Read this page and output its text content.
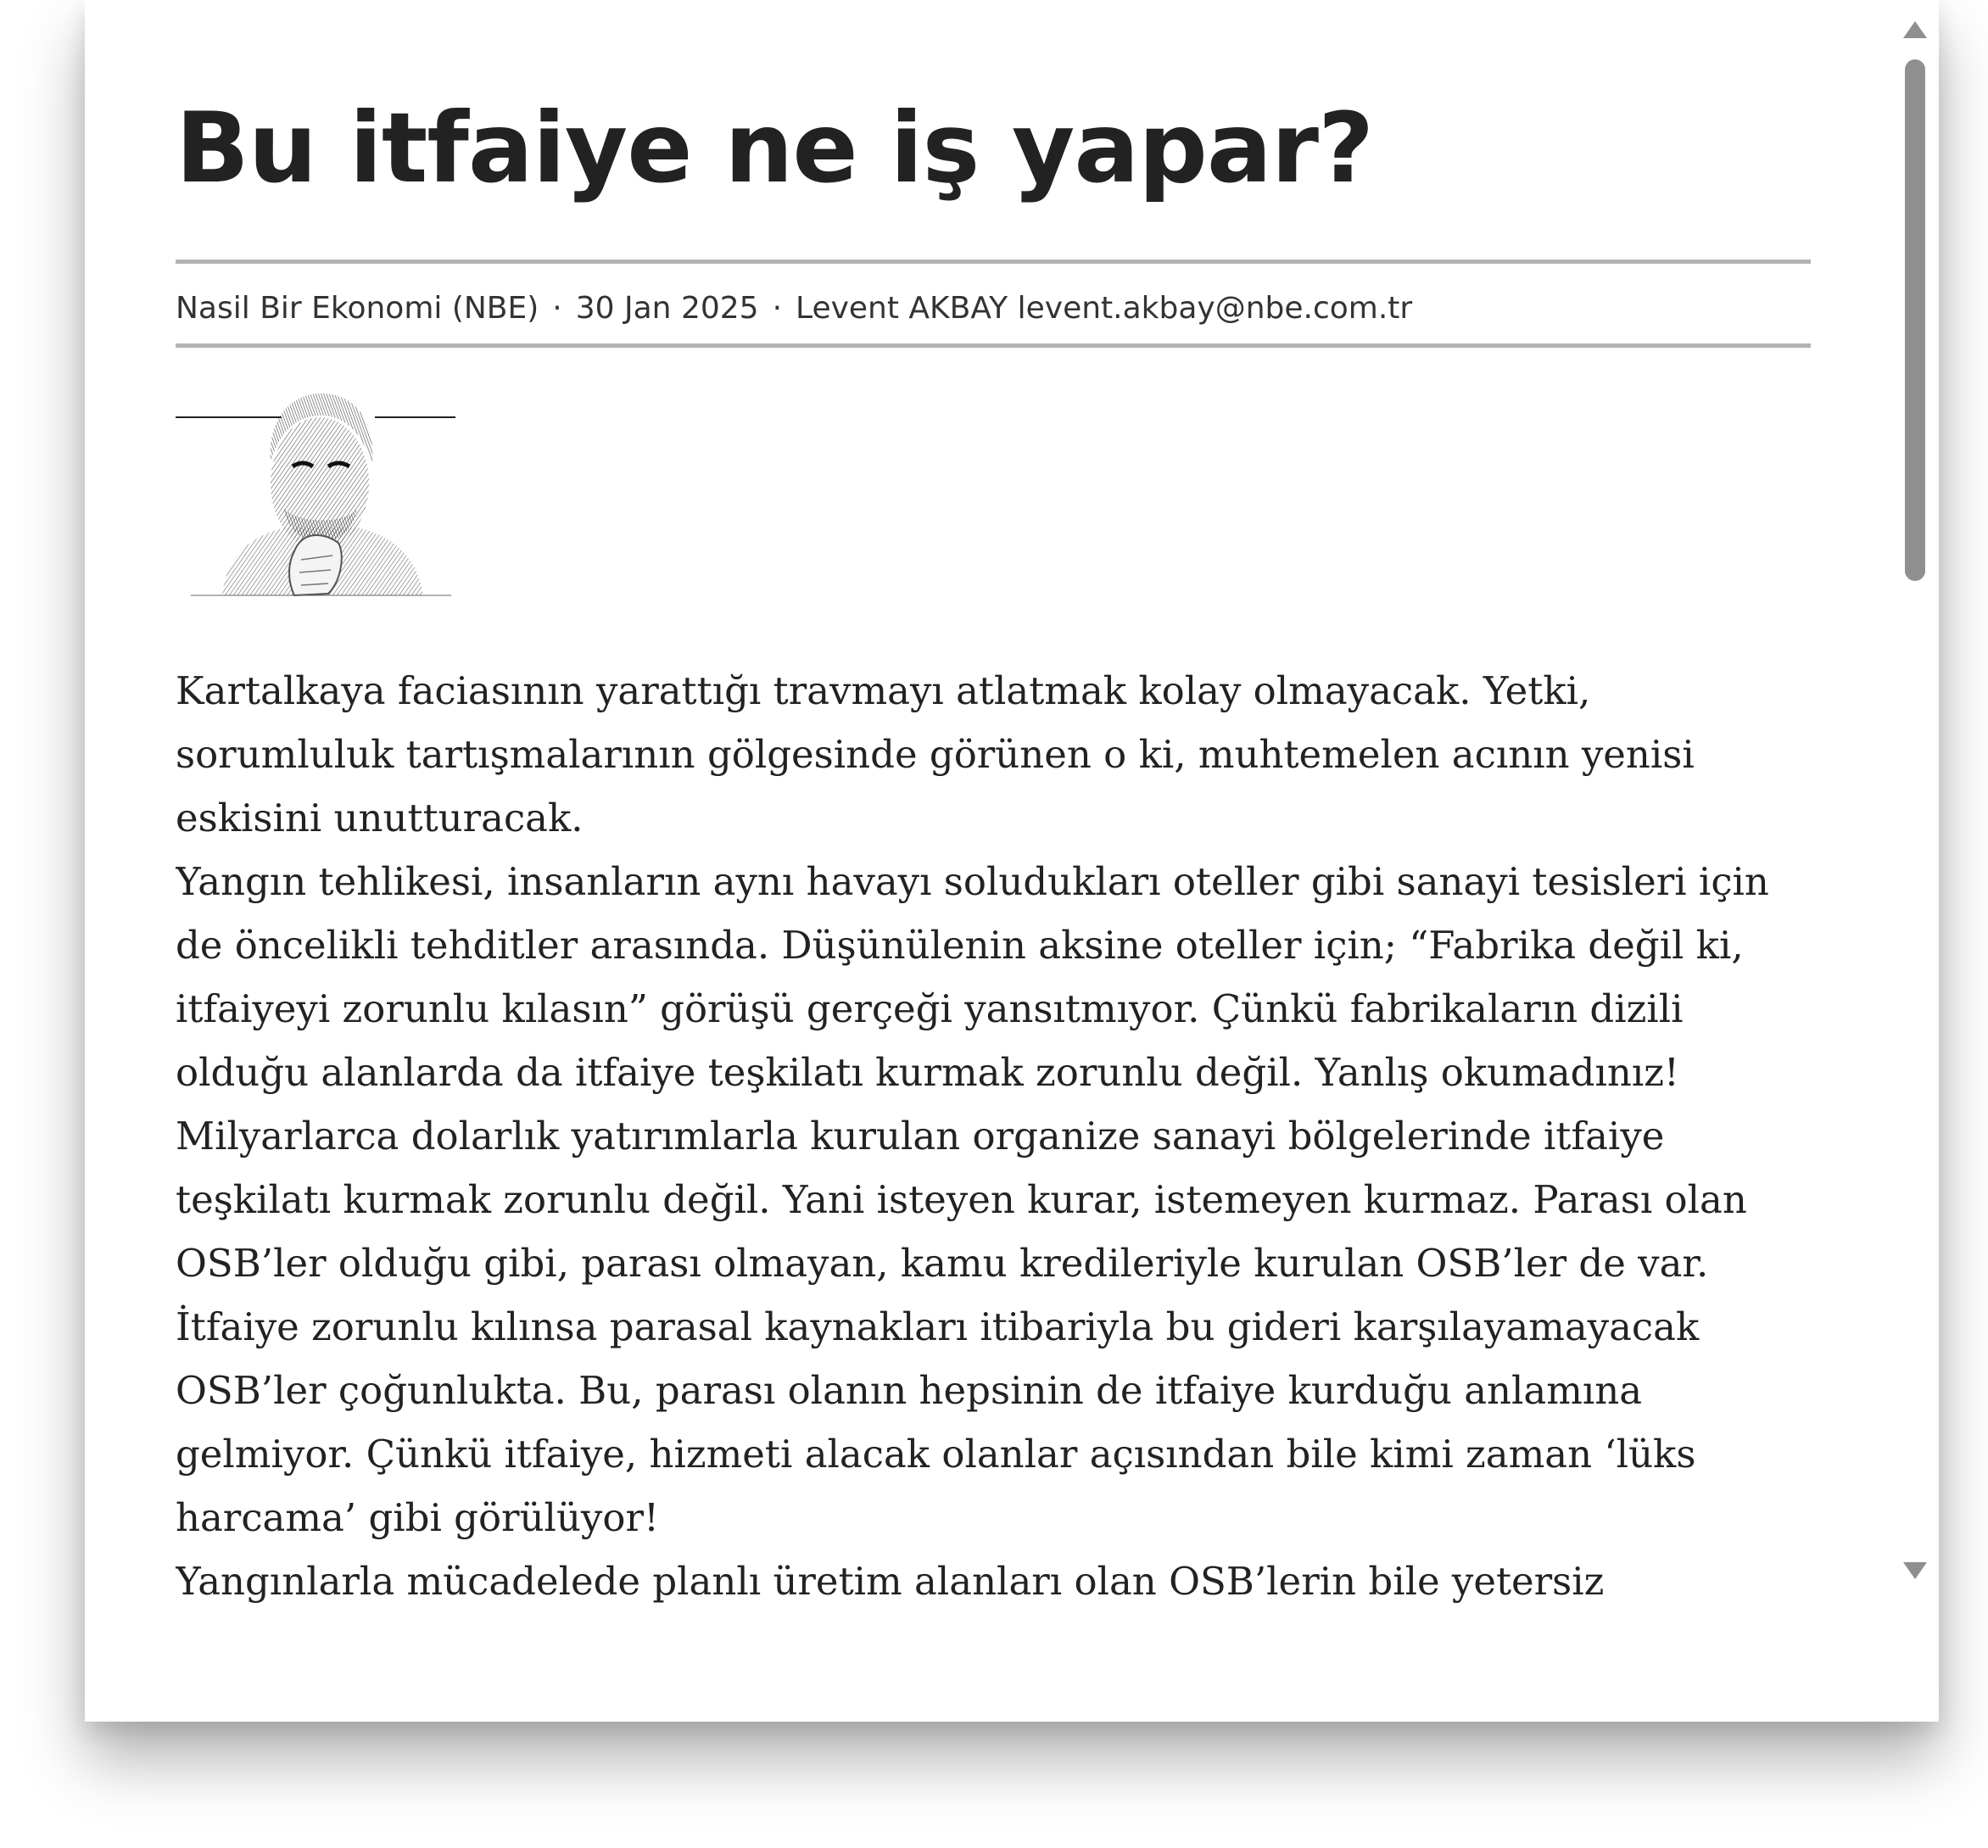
Bu itfaiye ne iş yapar?
Nasil Bir Ekonomi (NBE) · 30 Jan 2025 · Levent AKBAY levent.akbay@nbe.com.tr

Kartalkaya faciasının yarattığı travmayı atlatmak kolay olmayacak. Yetki, sorumluluk tartışmalarının gölgesinde görünen o ki, muhtemelen acının yenisi eskisini unutturacak.

Yangın tehlikesi, insanların aynı havayı soludukları oteller gibi sanayi tesisleri için de öncelikli tehditler arasında. Düşünülenin aksine oteller için; “Fabrika değil ki, itfaiyeyi zorunlu kılasın” görüşü gerçeği yansıtmıyor. Çünkü fabrikaların dizili olduğu alanlarda da itfaiye teşkilatı kurmak zorunlu değil. Yanlış okumadınız! Milyarlarca dolarlık yatırımlarla kurulan organize sanayi bölgelerinde itfaiye teşkilatı kurmak zorunlu değil. Yani isteyen kurar, istemeyen kurmaz. Parası olan OSB’ler olduğu gibi, parası olmayan, kamu kredileriyle kurulan OSB’ler de var. İtfaiye zorunlu kılınsa parasal kaynakları itibariyla bu gideri karşılayamayacak OSB’ler çoğunlukta. Bu, parası olanın hepsinin de itfaiye kurduğu anlamına gelmiyor. Çünkü itfaiye, hizmeti alacak olanlar açısından bile kimi zaman ‘lüks harcama’ gibi görülüyor!

Yangınlarla mücadelede planlı üretim alanları olan OSB’lerin bile yetersiz
